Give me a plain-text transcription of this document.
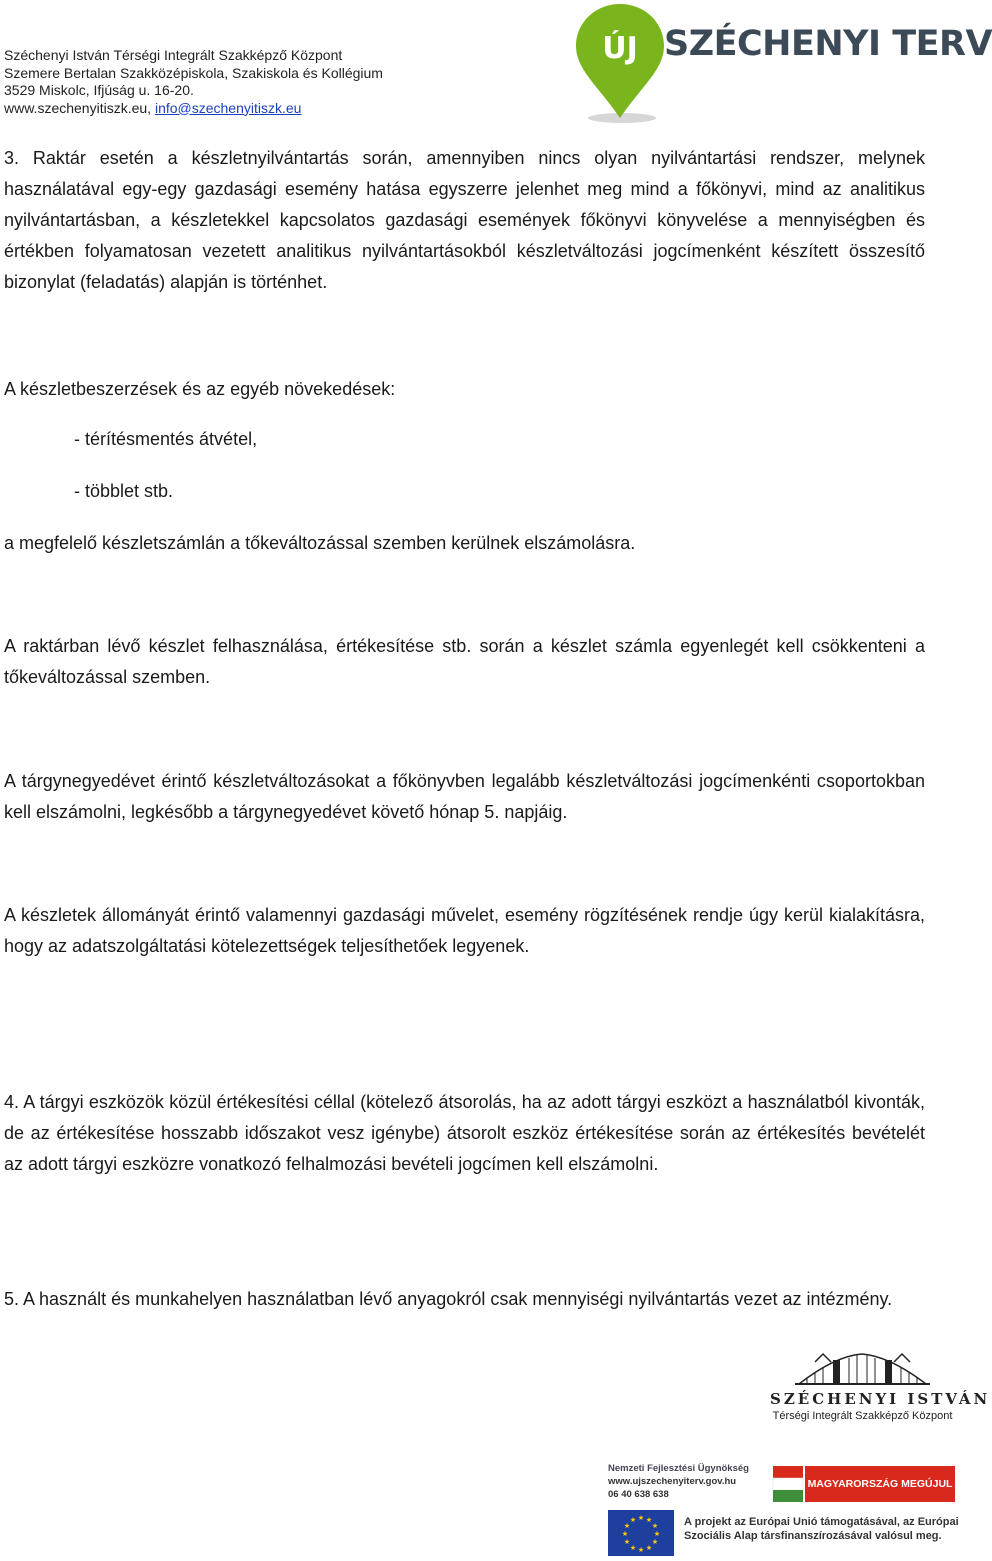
Széchenyi István Térségi Integrált Szakképző Központ
Szemere Bertalan Szakközépiskola, Szakiskola és Kollégium
3529 Miskolc, Ifjúság u. 16-20.
www.szechenyitiszk.eu, info@szechenyitiszk.eu
ÚJ SZÉCHENYI TERV

3. Raktár esetén a készletnyilvántartás során, amennyiben nincs olyan nyilvántartási rendszer, melynek használatával egy-egy gazdasági esemény hatása egyszerre jelenhet meg mind a főkönyvi, mind az analitikus nyilvántartásban, a készletekkel kapcsolatos gazdasági események főkönyvi könyvelése a mennyiségben és értékben folyamatosan vezetett analitikus nyilvántartásokból készletváltozási jogcímenként készített összesítő bizonylat (feladatás) alapján is történhet.

A készletbeszerzések és az egyéb növekedések:

- térítésmentés átvétel,

- többlet stb.

a megfelelő készletszámlán a tőkeváltozással szemben kerülnek elszámolásra.

A raktárban lévő készlet felhasználása, értékesítése stb. során a készlet számla egyenlegét kell csökkenteni a tőkeváltozással szemben.

A tárgynegyedévet érintő készletváltozásokat a főkönyvben legalább készletváltozási jogcímenkénti csoportokban kell elszámolni, legkésőbb a tárgynegyedévet követő hónap 5. napjáig.

A készletek állományát érintő valamennyi gazdasági művelet, esemény rögzítésének rendje úgy kerül kialakításra, hogy az adatszolgáltatási kötelezettségek teljesíthetőek legyenek.

4. A tárgyi eszközök közül értékesítési céllal (kötelező átsorolás, ha az adott tárgyi eszközt a használatból kivonták, de az értékesítése hosszabb időszakot vesz igénybe) átsorolt eszköz értékesítése során az értékesítés bevételét az adott tárgyi eszközre vonatkozó felhalmozási bevételi jogcímen kell elszámolni.

5. A használt és munkahelyen használatban lévő anyagokról csak mennyiségi nyilvántartás vezet az intézmény.

SZÉCHENYI ISTVÁN
Térségi Integrált Szakképző Központ
Nemzeti Fejlesztési Ügynökség
www.ujszechenyiterv.gov.hu
06 40 638 638
MAGYARORSZÁG MEGÚJUL
★ ★
★
★
★
★
★
★
★
★
★
★	A projekt az Európai Unió támogatásával, az Európai
Szociális Alap társfinanszírozásával valósul meg.
